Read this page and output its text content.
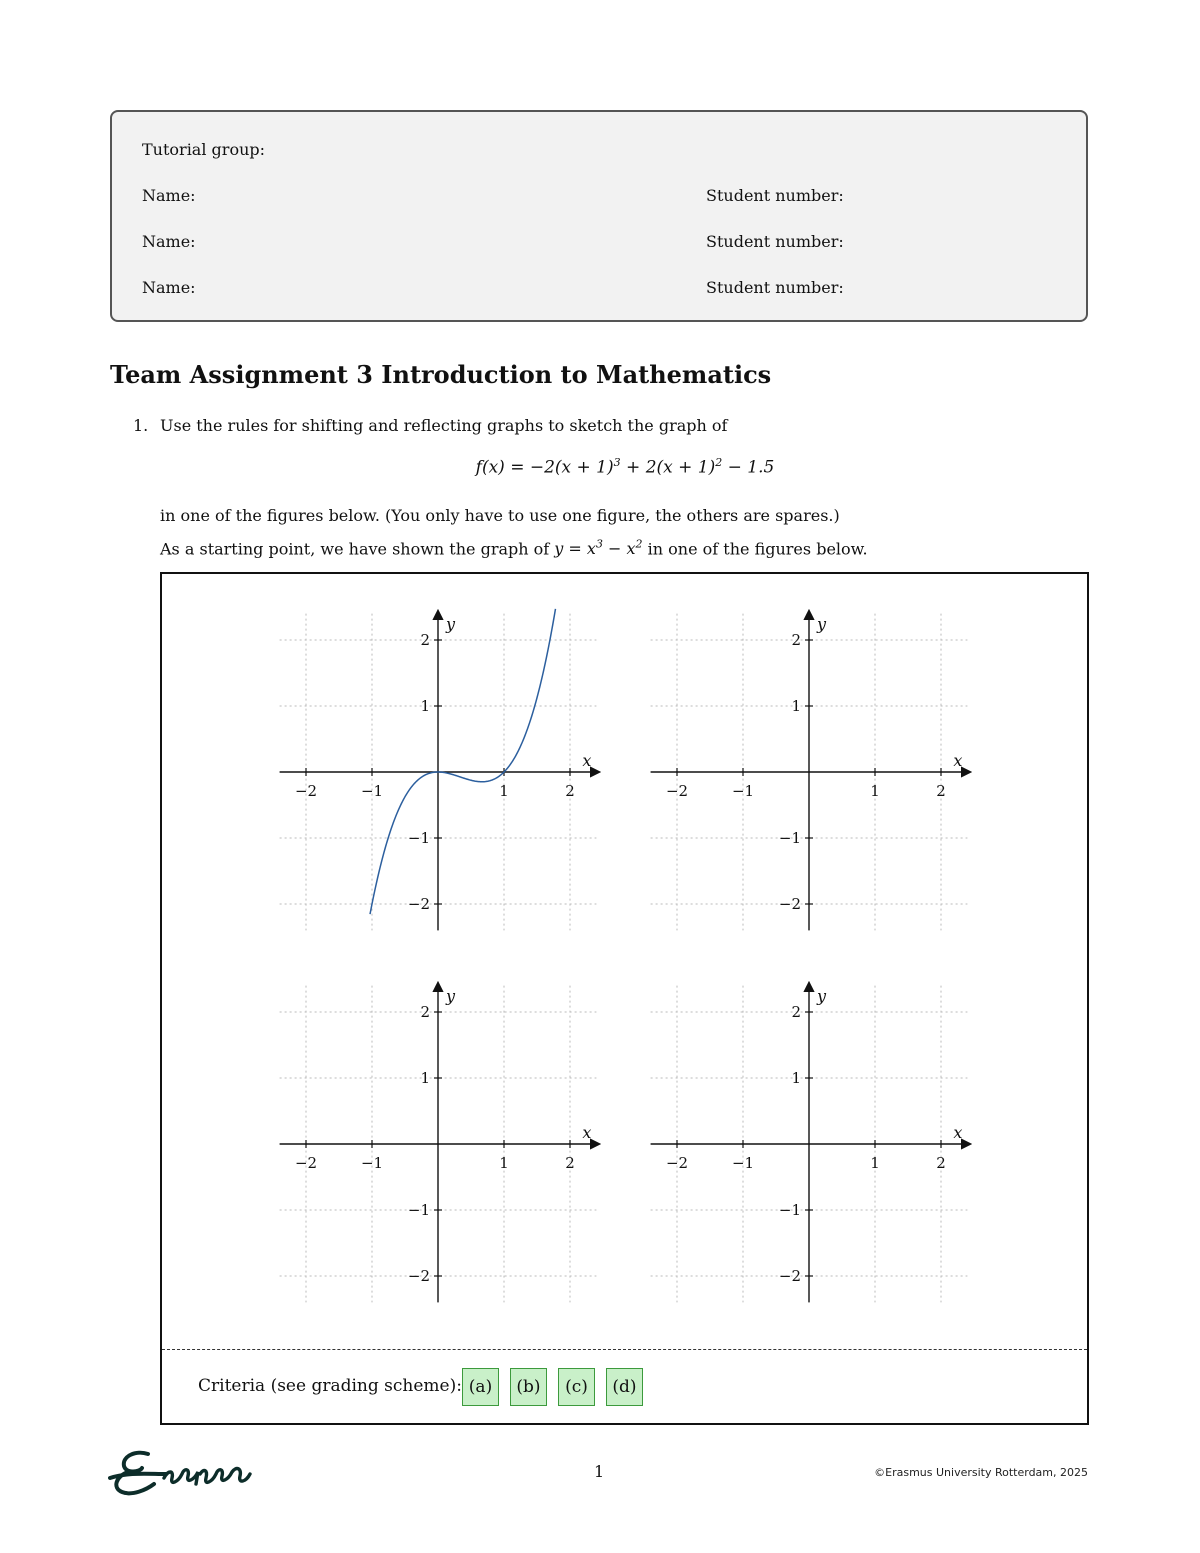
Tutorial group:
Name:	Student number:
Name:	Student number:
Name:	Student number:
Team Assignment 3 Introduction to Mathematics
1. Use the rules for shifting and reflecting graphs to sketch the graph of
$f(x) = -2(x + 1)^3 + 2(x + 1)^2 - 1.5$
in one of the figures below. (You only have to use one figure, the others are spares.)
As a starting point, we have shown the graph of $y = x^3 - x^2$ in one of the figures below.
−2	−1	1	2
−2
−1
1
2
x
y
−2	−1	1	2
−2
−1
1
2
x
y
−2	−1	1	2
−2
−1
1
2
x
y
−2	−1	1	2
−2
−1
1
2
x
y
Criteria (see grading scheme): (a)	(b)	(c)	(d)
1	©Erasmus University Rotterdam, 2025
